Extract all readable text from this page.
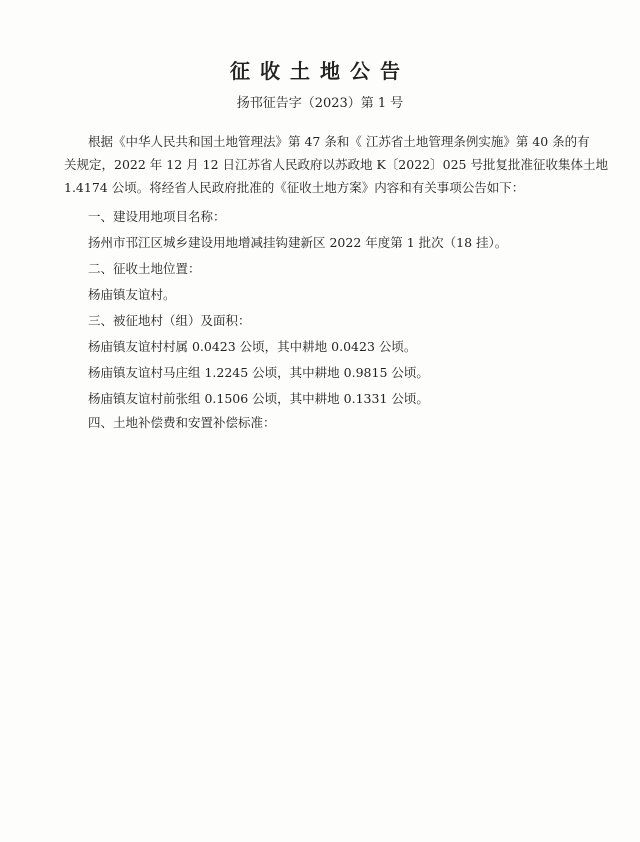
征收土地公告
扬邗征告字（2023）第 1 号
根据《中华人民共和国土地管理法》第 47 条和《 江苏省土地管理条例实施》第 40 条的有
关规定，2022 年 12 月 12 日江苏省人民政府以苏政地 K〔2022〕025 号批复批准征收集体土地
1.4174 公顷。将经省人民政府批准的《征收土地方案》内容和有关事项公告如下：
一、建设用地项目名称：
扬州市邗江区城乡建设用地增减挂钩建新区 2022 年度第 1 批次（18 挂）。
二、征收土地位置：
杨庙镇友谊村。
三、被征地村（组）及面积：
杨庙镇友谊村村属 0.0423 公顷，其中耕地 0.0423 公顷。
杨庙镇友谊村马庄组 1.2245 公顷，其中耕地 0.9815 公顷。
杨庙镇友谊村前张组 0.1506 公顷，其中耕地 0.1331 公顷。
四、土地补偿费和安置补偿标准：
